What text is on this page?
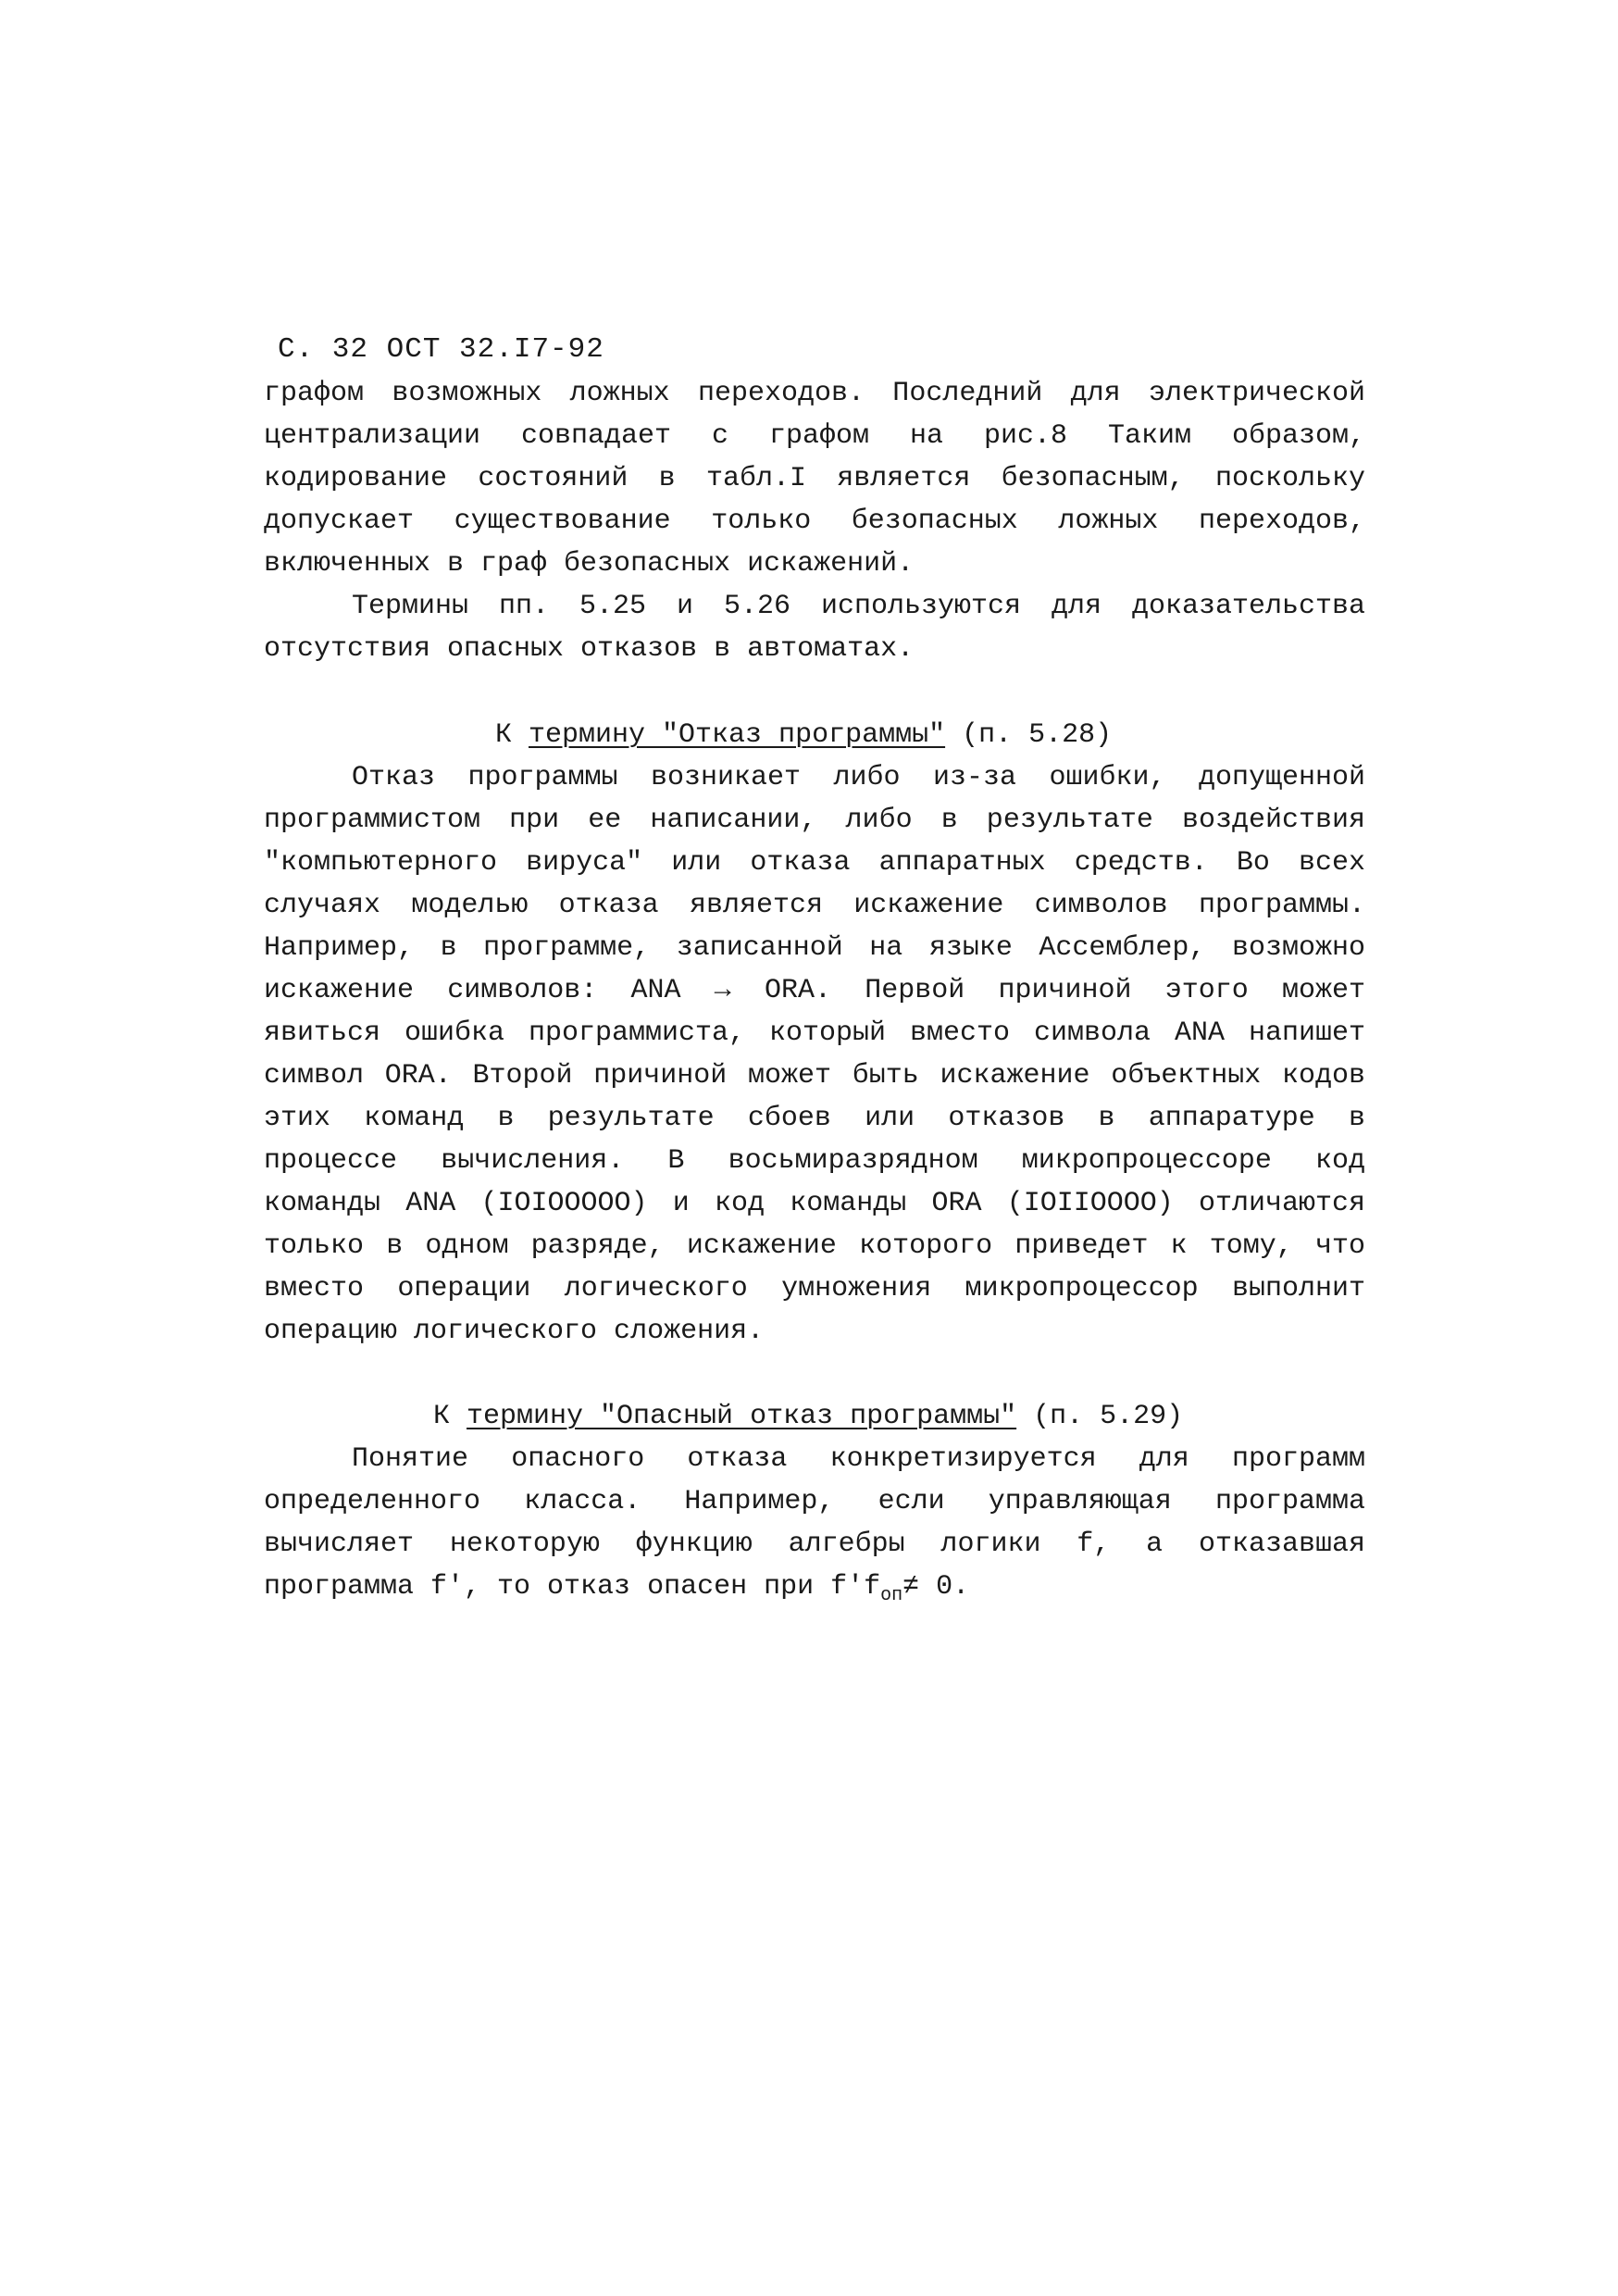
С. 32 ОСТ 32.I7-92
графом возможных ложных переходов. Последний для электрической
централизации совпадает с графом на рис.8 Таким образом,
кодирование состояний в табл.I является безопасным, поскольку
допускает существование только безопасных ложных переходов,
включенных в граф безопасных искажений.
Термины пп. 5.25 и 5.26 используются для доказательства
отсутствия опасных отказов в автоматах.
К термину "Отказ программы" (п. 5.28)
Отказ программы возникает либо из-за ошибки, допущенной
программистом при ее написании, либо в результате воздействия
"компьютерного вируса" или отказа аппаратных средств. Во всех
случаях моделью отказа является искажение символов программы.
Например, в программе, записанной на языке Ассемблер, возможно
искажение символов: ANA → ORA. Первой причиной этого может
явиться ошибка программиста, который вместо символа ANA напишет
символ ORA. Второй причиной может быть искажение объектных кодов
этих команд в результате сбоев или отказов в аппаратуре в
процессе вычисления. В восьмиразрядном микропроцессоре код
команды ANA (IOIOOOOO) и код команды ORA (IOIIOOOO) отличаются
только в одном разряде, искажение которого приведет к тому, что
вместо операции логического умножения микропроцессор выполнит
операцию логического сложения.
К термину "Опасный отказ программы" (п. 5.29)
Понятие опасного отказа конкретизируется для программ
определенного класса. Например, если управляющая программа
вычисляет некоторую функцию алгебры логики f, а отказавшая
программа f', то отказ опасен при $f'f_{оп}\ne 0$.
